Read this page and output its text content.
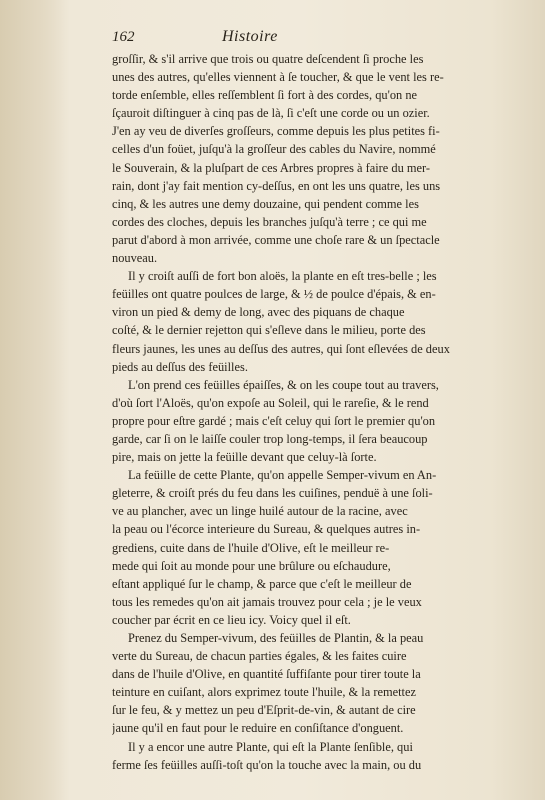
162	Histoire
groſſir, & s'il arrive que trois ou quatre deſcendent ſi proche les
unes des autres, qu'elles viennent à ſe toucher, & que le vent les re-
torde enſemble, elles reſſemblent ſi fort à des cordes, qu'on ne
ſçauroit diſtinguer à cinq pas de là, ſi c'eſt une corde ou un ozier.
J'en ay veu de diverſes groſſeurs, comme depuis les plus petites fi-
celles d'un foüet, juſqu'à la groſſeur des cables du Navire, nommé
le Souverain, & la pluſpart de ces Arbres propres à faire du mer-
rain, dont j'ay fait mention cy-deſſus, en ont les uns quatre, les uns
cinq, & les autres une demy douzaine, qui pendent comme les
cordes des cloches, depuis les branches juſqu'à terre ; ce qui me
parut d'abord à mon arrivée, comme une choſe rare & un ſpectacle
nouveau.
Il y croiſt auſſi de fort bon aloës, la plante en eſt tres-belle ; les
feüilles ont quatre poulces de large, & ½ de poulce d'épais, & en-
viron un pied & demy de long, avec des piquans de chaque
coſté, & le dernier rejetton qui s'eſleve dans le milieu, porte des
fleurs jaunes, les unes au deſſus des autres, qui ſont eſlevées de deux
pieds au deſſus des feüilles.
L'on prend ces feüilles épaiſſes, & on les coupe tout au travers,
d'où ſort l'Aloës, qu'on expoſe au Soleil, qui le rareſie, & le rend
propre pour eſtre gardé ; mais c'eſt celuy qui ſort le premier qu'on
garde, car ſi on le laiſſe couler trop long-temps, il ſera beaucoup
pire, mais on jette la feüille devant que celuy-là ſorte.
La feüille de cette Plante, qu'on appelle Semper-vivum en An-
gleterre, & croiſt prés du feu dans les cuiſines, penduë à une ſoli-
ve au plancher, avec un linge huilé autour de la racine, avec
la peau ou l'écorce interieure du Sureau, & quelques autres in-
grediens, cuite dans de l'huile d'Olive, eſt le meilleur re-
mede qui ſoit au monde pour une brûlure ou eſchaudure,
eſtant appliqué ſur le champ, & parce que c'eſt le meilleur de
tous les remedes qu'on ait jamais trouvez pour cela ; je le veux
coucher par écrit en ce lieu icy. Voicy quel il eſt.
Prenez du Semper-vivum, des feüilles de Plantin, & la peau
verte du Sureau, de chacun parties égales, & les faites cuire
dans de l'huile d'Olive, en quantité ſuffiſante pour tirer toute la
teinture en cuiſant, alors exprimez toute l'huile, & la remettez
ſur le feu, & y mettez un peu d'Eſprit-de-vin, & autant de cire
jaune qu'il en faut pour le reduire en conſiſtance d'onguent.
Il y a encor une autre Plante, qui eſt la Plante ſenſible, qui
ferme ſes feüilles auſſi-toſt qu'on la touche avec la main, ou du
